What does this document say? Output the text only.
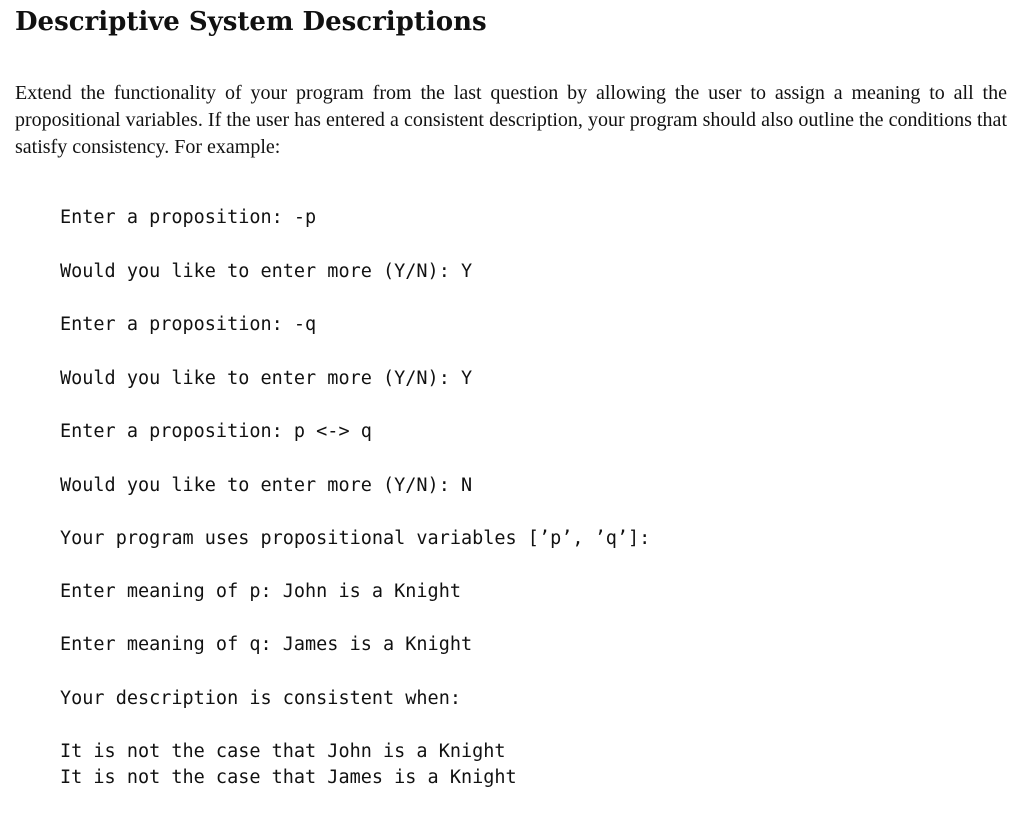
Descriptive System Descriptions

Extend the functionality of your program from the last question by allowing the user to assign a meaning to all the propositional variables. If the user has entered a consistent description, your program should also outline the conditions that satisfy consistency. For example:

Enter a proposition: -p
Would you like to enter more (Y/N): Y
Enter a proposition: -q
Would you like to enter more (Y/N): Y
Enter a proposition: p <-> q
Would you like to enter more (Y/N): N
Your program uses propositional variables [’p’, ’q’]:
Enter meaning of p: John is a Knight
Enter meaning of q: James is a Knight
Your description is consistent when:
It is not the case that John is a Knight
It is not the case that James is a Knight
